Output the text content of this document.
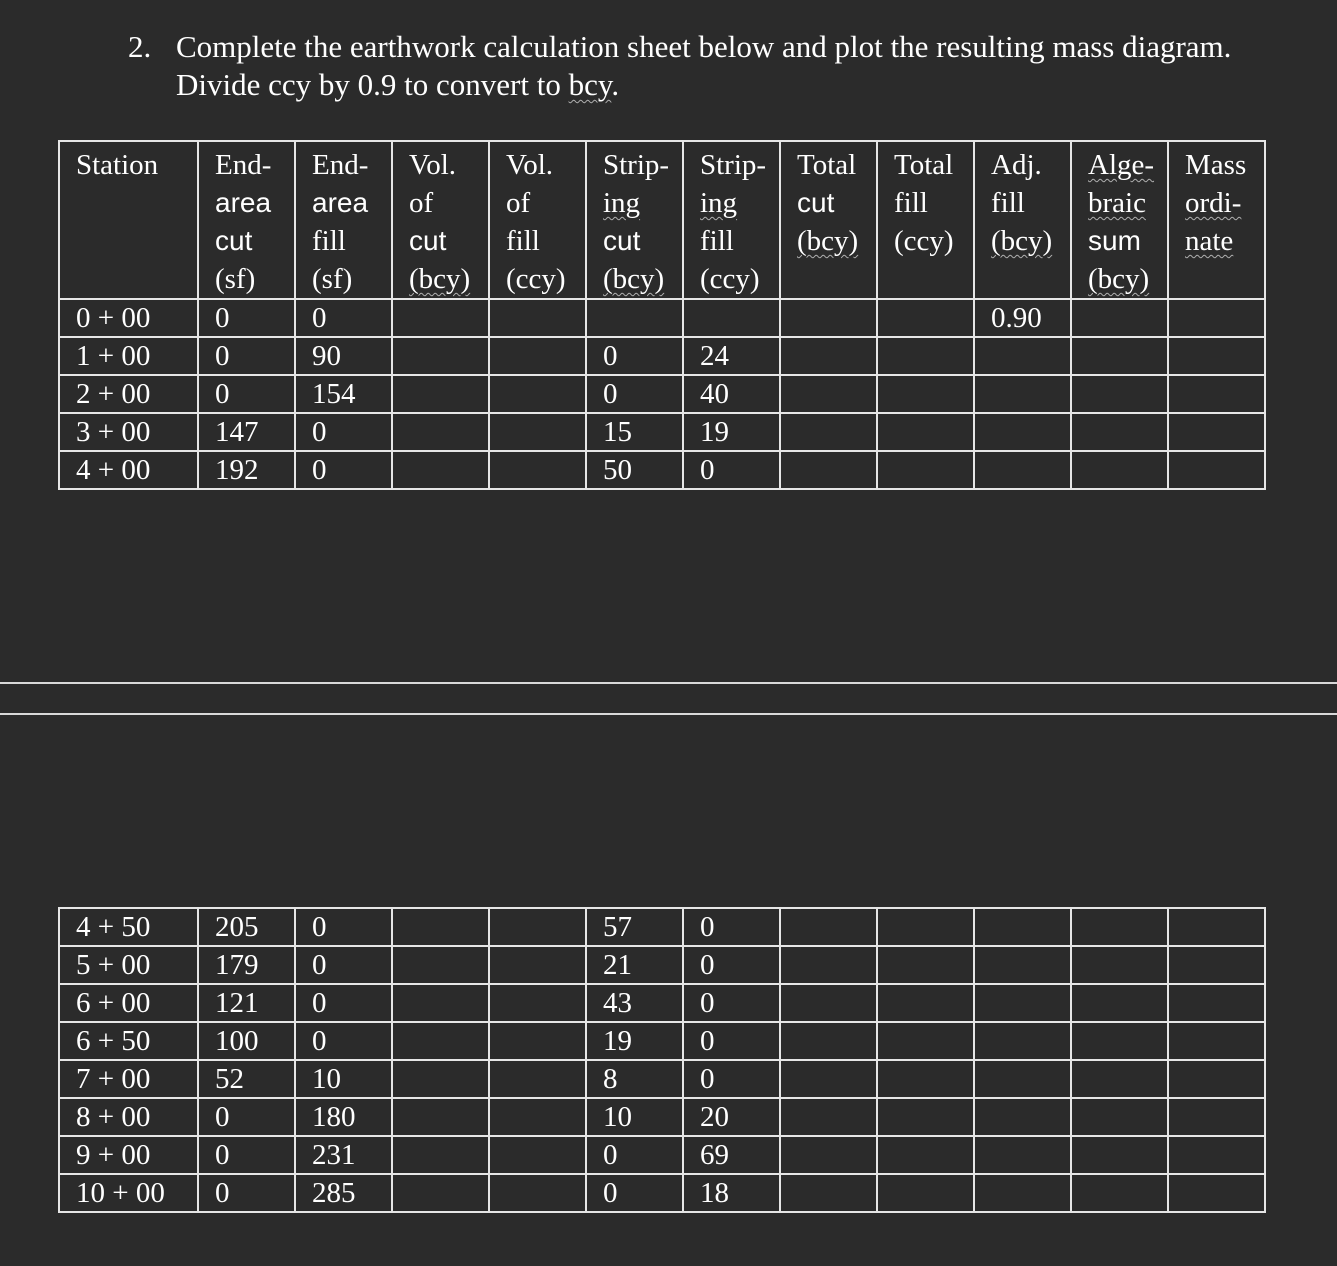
2. Complete the earthwork calculation sheet below and plot the resulting mass diagram.
Divide ccy by 0.9 to convert to bcy.
Station	End-
area
cut
(sf)	End-
area
fill
(sf)	Vol.
of
cut
(bcy)	Vol.
of
fill
(ccy)	Strip-
ing
cut
(bcy)	Strip-
ing
fill
(ccy)	Total
cut
(bcy)	Total
fill
(ccy)	Adj.
fill
(bcy)	Alge-
braic
sum
(bcy)	Mass
ordi-
nate

0 + 00	0	0							0.90		
1 + 00	0	90			0	24					
2 + 00	0	154			0	40					
3 + 00	147	0			15	19					
4 + 00	192	0			50	0					
4 + 50	205	0			57	0					
5 + 00	179	0			21	0					
6 + 00	121	0			43	0					
6 + 50	100	0			19	0					
7 + 00	52	10			8	0					
8 + 00	0	180			10	20					
9 + 00	0	231			0	69					
10 + 00	0	285			0	18					
